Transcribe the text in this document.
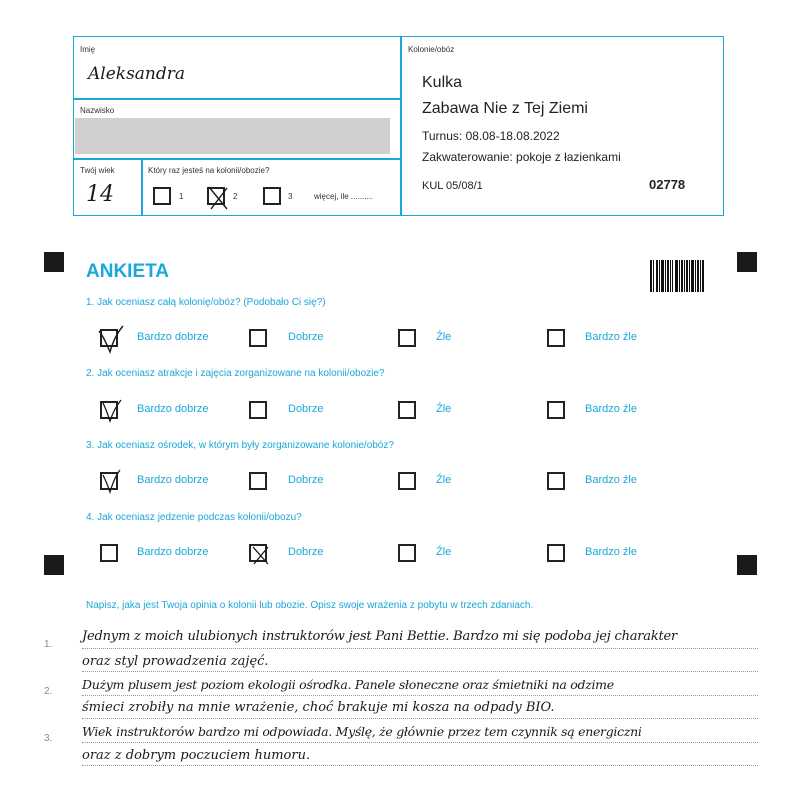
Imię
Aleksandra
Nazwisko
Twój wiek
14
Który raz jesteś na kolonii/obozie?
1	2	3	więcej, ile ..........
Kolonie/obóz
Kulka
Zabawa Nie z Tej Ziemi
Turnus: 08.08-18.08.2022
Zakwaterowanie: pokoje z łazienkami
KUL 05/08/1	02778
ANKIETA
1. Jak oceniasz całą kolonię/obóz? (Podobało Ci się?)
Bardzo dobrze	Dobrze	Źle	Bardzo źle
2. Jak oceniasz atrakcje i zajęcia zorganizowane na kolonii/obozie?
Bardzo dobrze	Dobrze	Źle	Bardzo źle
3. Jak oceniasz ośrodek, w którym były zorganizowane kolonie/obóz?
Bardzo dobrze	Dobrze	Źle	Bardzo źle
4. Jak oceniasz jedzenie podczas kolonii/obozu?
Bardzo dobrze	Dobrze	Źle	Bardzo źle
Napisz, jaka jest Twoja opinia o kolonii lub obozie. Opisz swoje wrażenia z pobytu w trzech zdaniach.
1.
2.
3.
Jednym z moich ulubionych instruktorów jest Pani Bettie. Bardzo mi się podoba jej charakter
oraz styl prowadzenia zajęć.
Dużym plusem jest poziom ekologii ośrodka. Panele słoneczne oraz śmietniki na odzime
śmieci zrobiły na mnie wrażenie, choć brakuje mi kosza na odpady BIO.
Wiek instruktorów bardzo mi odpowiada. Myślę, że głównie przez tem czynnik są energiczni
oraz z dobrym poczuciem humoru.
